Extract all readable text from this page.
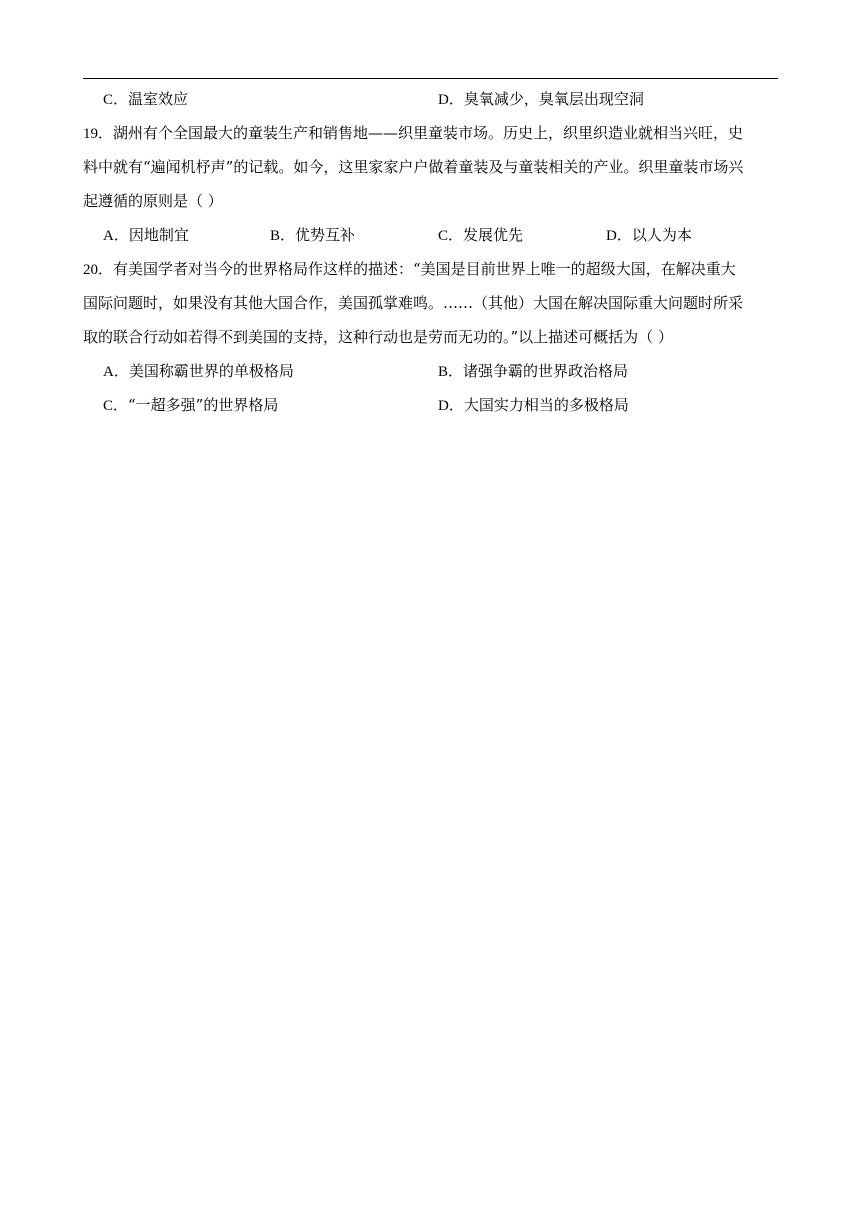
C．温室效应	D．臭氧减少，臭氧层出现空洞
19．湖州有个全国最大的童装生产和销售地——织里童装市场。历史上，织里织造业就相当兴旺，史
料中就有“遍闻机杼声”的记载。如今，这里家家户户做着童装及与童装相关的产业。织里童装市场兴
起遵循的原则是（ ）
A．因地制宜	B．优势互补	C．发展优先	D．以人为本
20．有美国学者对当今的世界格局作这样的描述：“美国是目前世界上唯一的超级大国，在解决重大
国际问题时，如果没有其他大国合作，美国孤掌难鸣。……（其他）大国在解决国际重大问题时所采
取的联合行动如若得不到美国的支持，这种行动也是劳而无功的。”以上描述可概括为（ ）
A．美国称霸世界的单极格局	B．诸强争霸的世界政治格局
C．“一超多强”的世界格局	D．大国实力相当的多极格局
